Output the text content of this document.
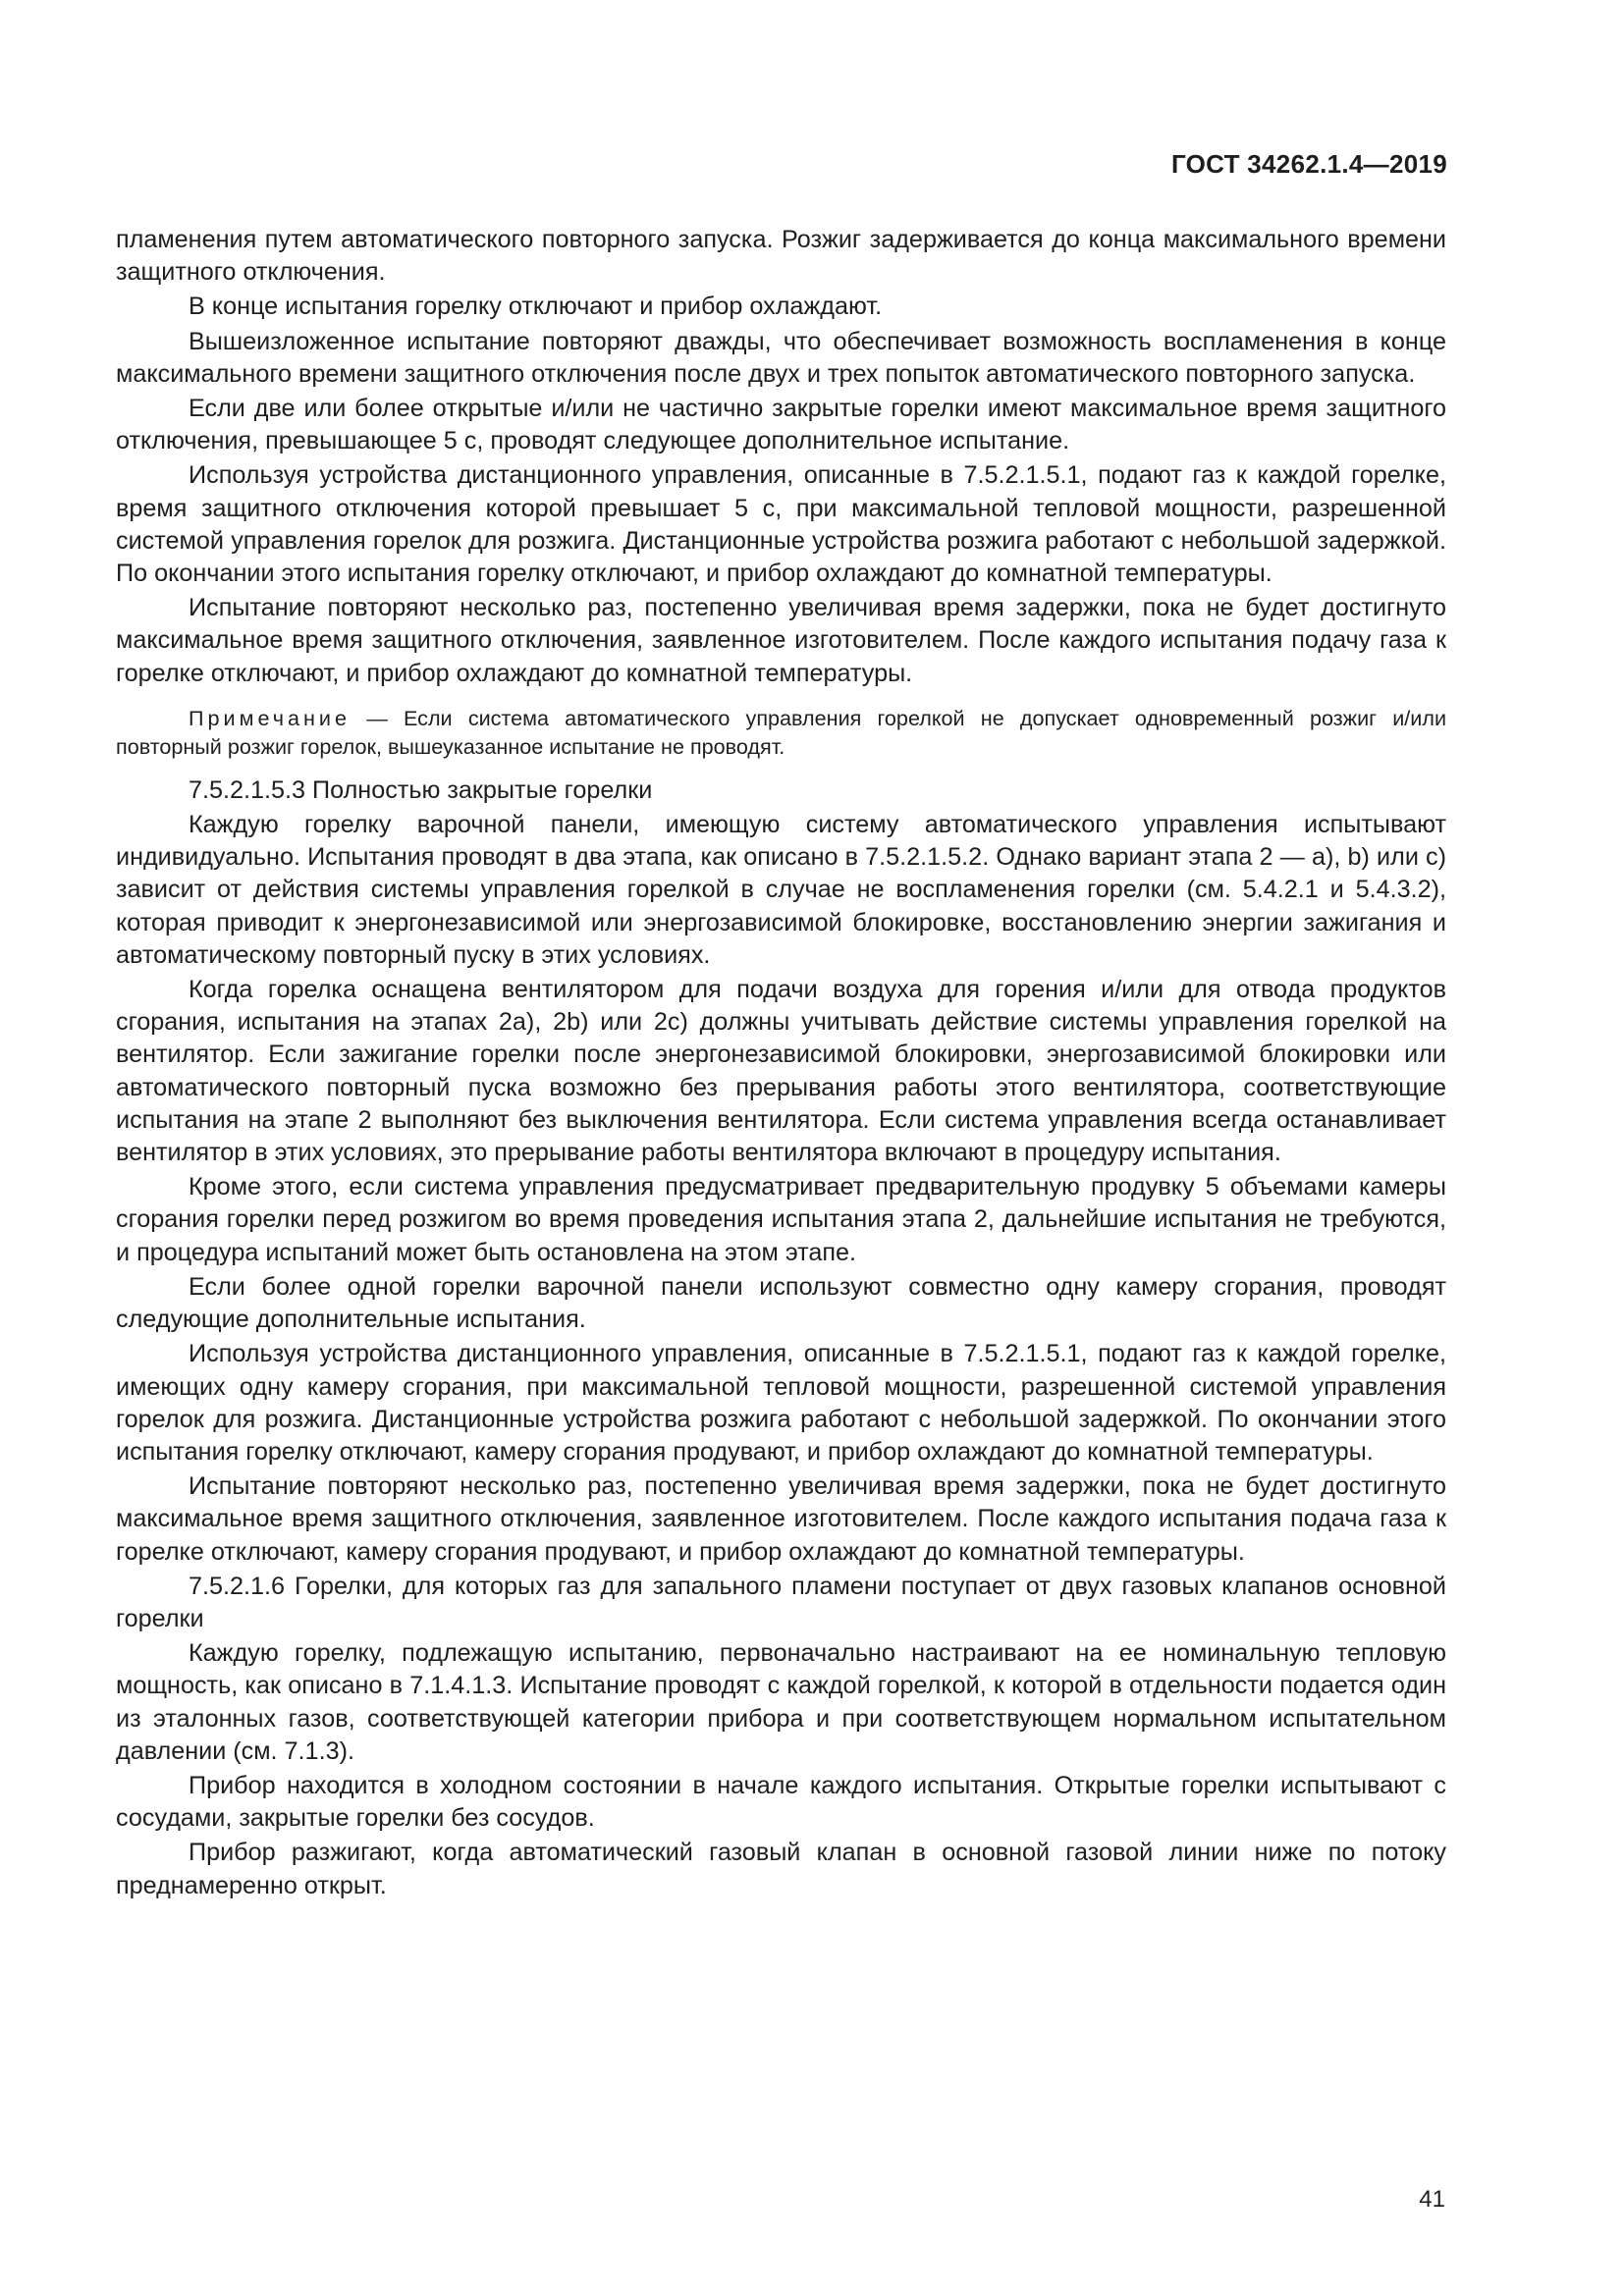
ГОСТ 34262.1.4—2019

пламенения путем автоматического повторного запуска. Розжиг задерживается до конца максимального времени защитного отключения.

В конце испытания горелку отключают и прибор охлаждают.

Вышеизложенное испытание повторяют дважды, что обеспечивает возможность воспламенения в конце максимального времени защитного отключения после двух и трех попыток автоматического повторного запуска.

Если две или более открытые и/или не частично закрытые горелки имеют максимальное время защитного отключения, превышающее 5 с, проводят следующее дополнительное испытание.

Используя устройства дистанционного управления, описанные в 7.5.2.1.5.1, подают газ к каждой горелке, время защитного отключения которой превышает 5 с, при максимальной тепловой мощности, разрешенной системой управления горелок для розжига. Дистанционные устройства розжига работают с небольшой задержкой. По окончании этого испытания горелку отключают, и прибор охлаждают до комнатной температуры.

Испытание повторяют несколько раз, постепенно увеличивая время задержки, пока не будет достигнуто максимальное время защитного отключения, заявленное изготовителем. После каждого испытания подачу газа к горелке отключают, и прибор охлаждают до комнатной температуры.

Примечание — Если система автоматического управления горелкой не допускает одновременный розжиг и/или повторный розжиг горелок, вышеуказанное испытание не проводят.

7.5.2.1.5.3 Полностью закрытые горелки

Каждую горелку варочной панели, имеющую систему автоматического управления испытывают индивидуально. Испытания проводят в два этапа, как описано в 7.5.2.1.5.2. Однако вариант этапа 2 — а), b) или с) зависит от действия системы управления горелкой в случае не воспламенения горелки (см. 5.4.2.1 и 5.4.3.2), которая приводит к энергонезависимой или энергозависимой блокировке, восстановлению энергии зажигания и автоматическому повторный пуску в этих условиях.

Когда горелка оснащена вентилятором для подачи воздуха для горения и/или для отвода продуктов сгорания, испытания на этапах 2а), 2b) или 2с) должны учитывать действие системы управления горелкой на вентилятор. Если зажигание горелки после энергонезависимой блокировки, энергозависимой блокировки или автоматического повторный пуска возможно без прерывания работы этого вентилятора, соответствующие испытания на этапе 2 выполняют без выключения вентилятора. Если система управления всегда останавливает вентилятор в этих условиях, это прерывание работы вентилятора включают в процедуру испытания.

Кроме этого, если система управления предусматривает предварительную продувку 5 объемами камеры сгорания горелки перед розжигом во время проведения испытания этапа 2, дальнейшие испытания не требуются, и процедура испытаний может быть остановлена на этом этапе.

Если более одной горелки варочной панели используют совместно одну камеру сгорания, проводят следующие дополнительные испытания.

Используя устройства дистанционного управления, описанные в 7.5.2.1.5.1, подают газ к каждой горелке, имеющих одну камеру сгорания, при максимальной тепловой мощности, разрешенной системой управления горелок для розжига. Дистанционные устройства розжига работают с небольшой задержкой. По окончании этого испытания горелку отключают, камеру сгорания продувают, и прибор охлаждают до комнатной температуры.

Испытание повторяют несколько раз, постепенно увеличивая время задержки, пока не будет достигнуто максимальное время защитного отключения, заявленное изготовителем. После каждого испытания подача газа к горелке отключают, камеру сгорания продувают, и прибор охлаждают до комнатной температуры.

7.5.2.1.6 Горелки, для которых газ для запального пламени поступает от двух газовых клапанов основной горелки

Каждую горелку, подлежащую испытанию, первоначально настраивают на ее номинальную тепловую мощность, как описано в 7.1.4.1.3. Испытание проводят с каждой горелкой, к которой в отдельности подается один из эталонных газов, соответствующей категории прибора и при соответствующем нормальном испытательном давлении (см. 7.1.3).

Прибор находится в холодном состоянии в начале каждого испытания. Открытые горелки испытывают с сосудами, закрытые горелки без сосудов.

Прибор разжигают, когда автоматический газовый клапан в основной газовой линии ниже по потоку преднамеренно открыт.

41
